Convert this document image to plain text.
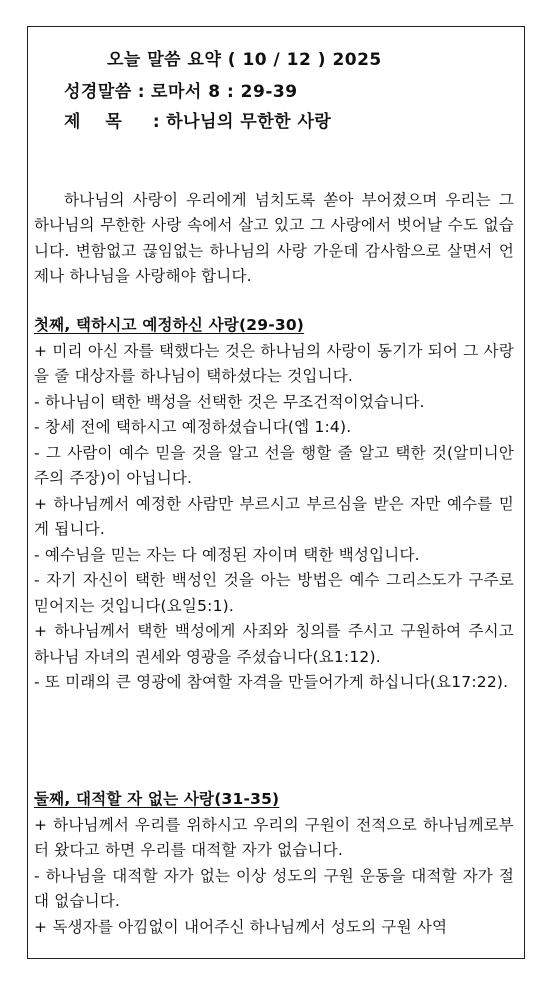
오늘 말씀 요약 ( 10 / 12 ) 2025
성경말씀 : 로마서 8 : 29-39
제목 : 하나님의 무한한 사랑

하나님의 사랑이 우리에게 넘치도록 쏟아 부어졌으며 우리는 그 하나님의 무한한 사랑 속에서 살고 있고 그 사랑에서 벗어날 수도 없습니다. 변함없고 끊임없는 하나님의 사랑 가운데 감사함으로 살면서 언제나 하나님을 사랑해야 합니다.

첫째, 택하시고 예정하신 사랑(29-30)

+ 미리 아신 자를 택했다는 것은 하나님의 사랑이 동기가 되어 그 사랑을 줄 대상자를 하나님이 택하셨다는 것입니다.

- 하나님이 택한 백성을 선택한 것은 무조건적이었습니다.

- 창세 전에 택하시고 예정하셨습니다(엡 1:4).

- 그 사람이 예수 믿을 것을 알고 선을 행할 줄 알고 택한 것(알미니안주의 주장)이 아닙니다.

+ 하나님께서 예정한 사람만 부르시고 부르심을 받은 자만 예수를 믿게 됩니다.

- 예수님을 믿는 자는 다 예정된 자이며 택한 백성입니다.

- 자기 자신이 택한 백성인 것을 아는 방법은 예수 그리스도가 구주로 믿어지는 것입니다(요일5:1).

+ 하나님께서 택한 백성에게 사죄와 칭의를 주시고 구원하여 주시고 하나님 자녀의 권세와 영광을 주셨습니다(요1:12).

- 또 미래의 큰 영광에 참여할 자격을 만들어가게 하십니다(요17:22).

둘째, 대적할 자 없는 사랑(31-35)

+ 하나님께서 우리를 위하시고 우리의 구원이 전적으로 하나님께로부터 왔다고 하면 우리를 대적할 자가 없습니다.

- 하나님을 대적할 자가 없는 이상 성도의 구원 운동을 대적할 자가 절대 없습니다.

+ 독생자를 아낌없이 내어주신 하나님께서 성도의 구원 사역
